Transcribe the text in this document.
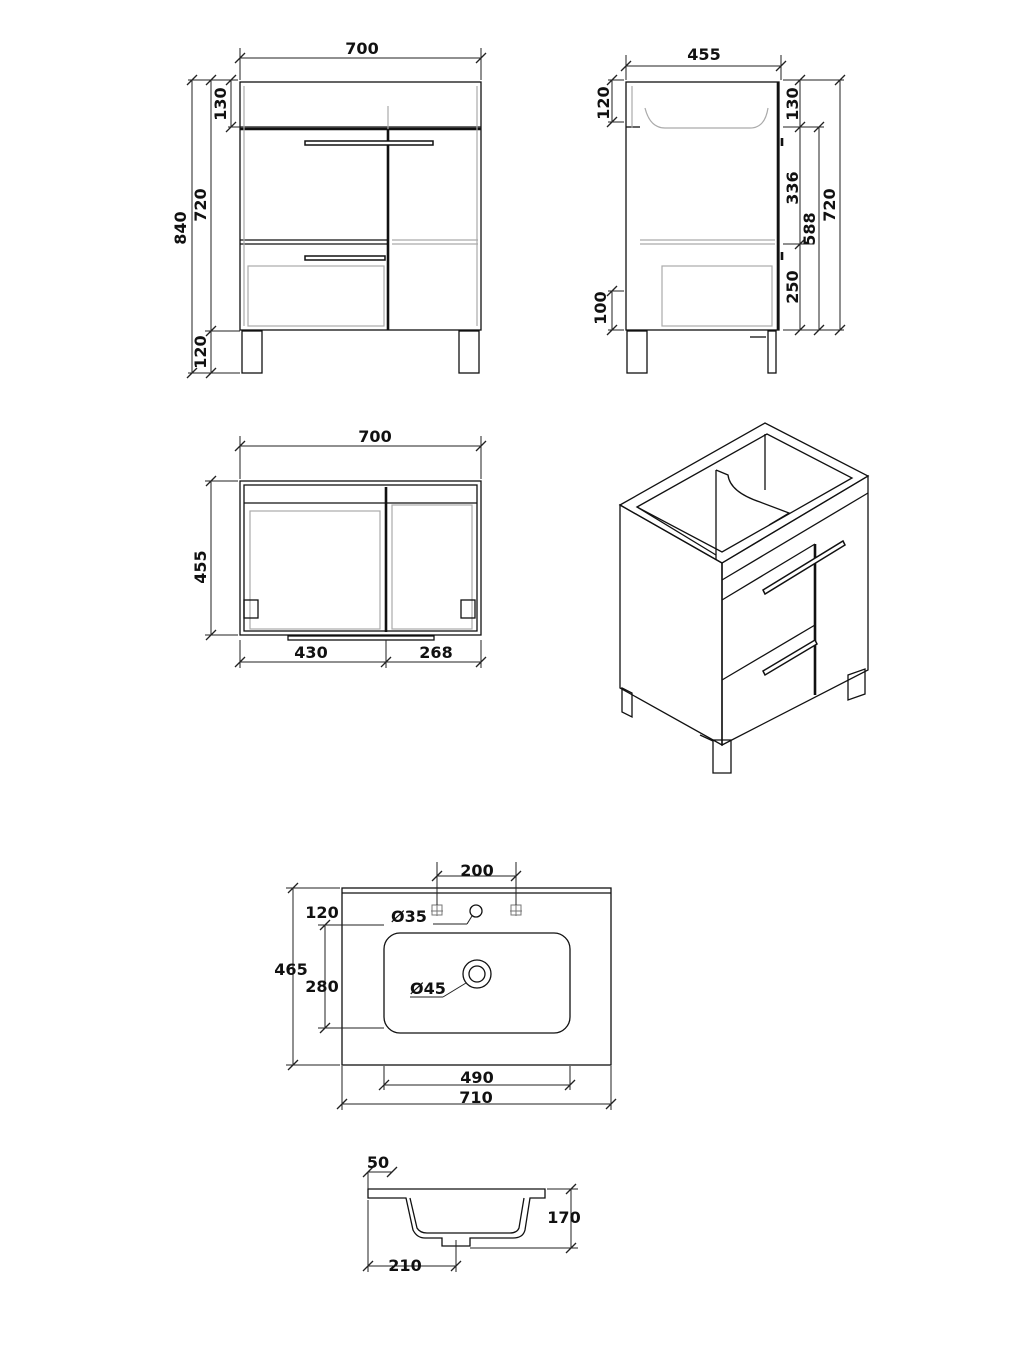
700
840
720
130
120
455
120
100
130
336
250
588
720
700
455
430	268
Ø35
Ø45
200
465
280
120
490
710
50
170
210
